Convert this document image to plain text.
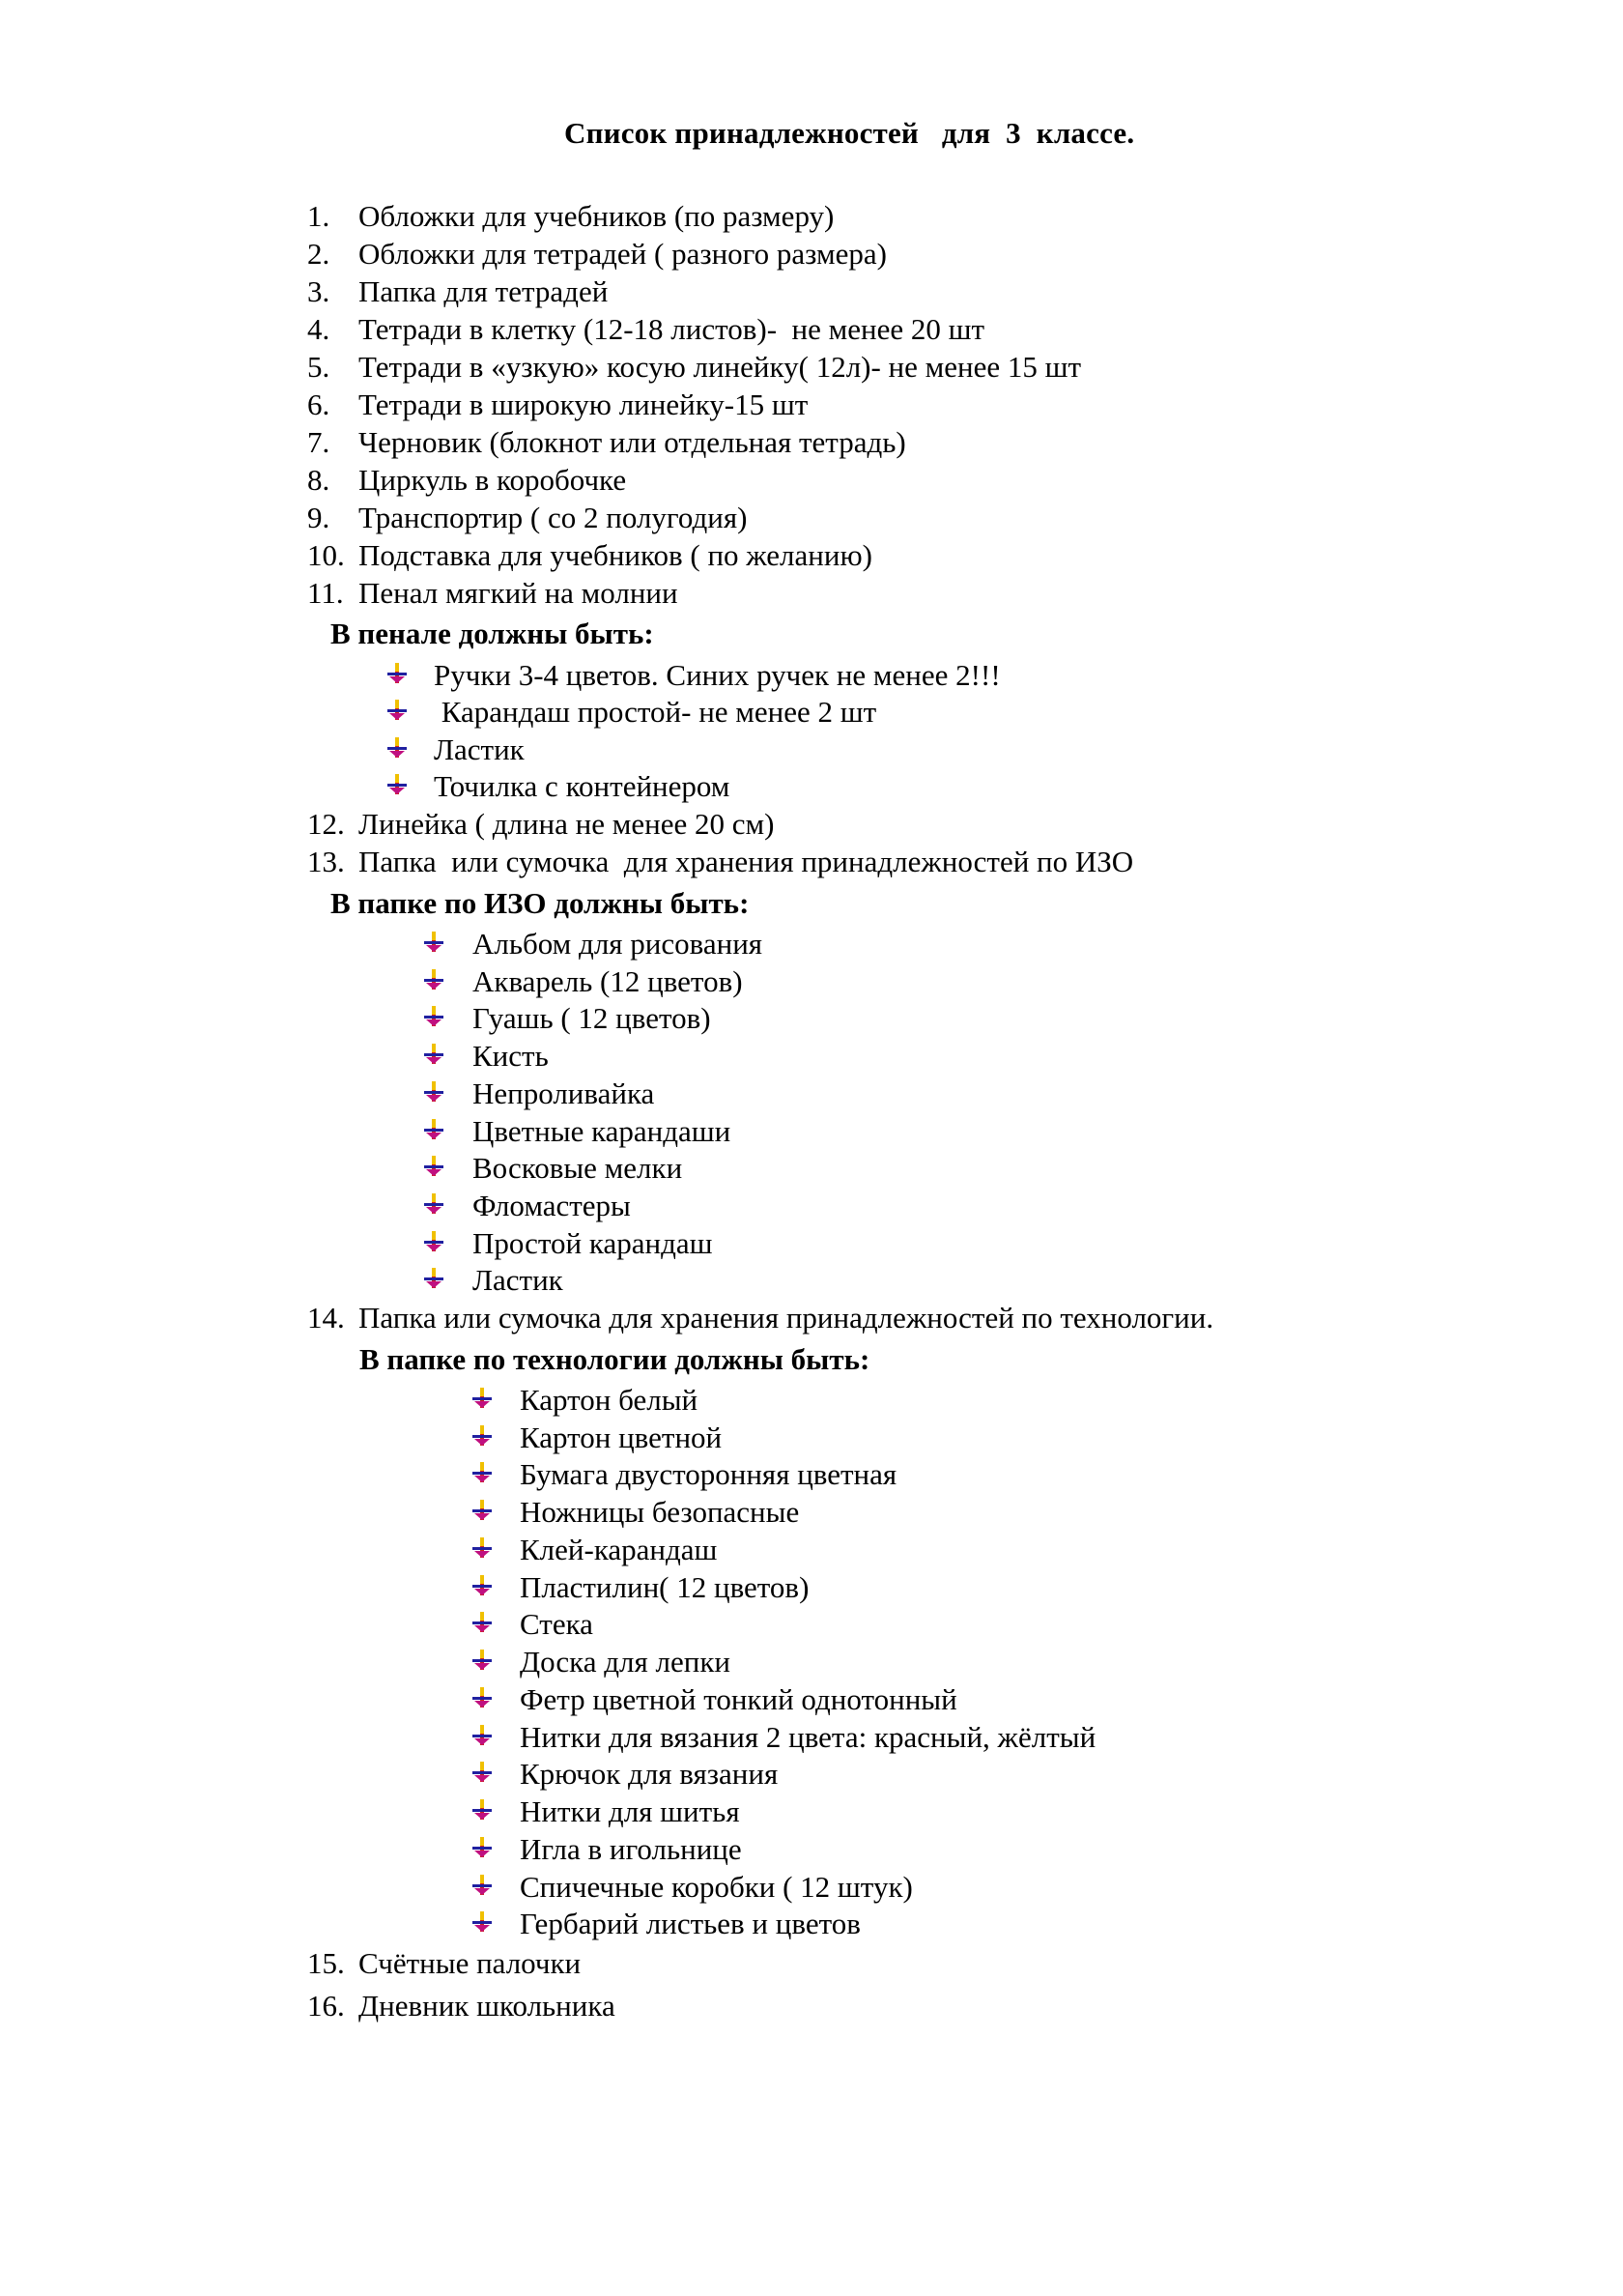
Список принадлежностей   для  3  классе.
1. Обложки для учебников (по размеру)
2. Обложки для тетрадей ( разного размера)
3. Папка для тетрадей
4. Тетради в клетку (12-18 листов)-  не менее 20 шт
5. Тетради в «узкую» косую линейку( 12л)- не менее 15 шт
6. Тетради в широкую линейку-15 шт
7. Черновик (блокнот или отдельная тетрадь)
8. Циркуль в коробочке
9. Транспортир ( со 2 полугодия)
10. Подставка для учебников ( по желанию)
11. Пенал мягкий на молнии
В пенале должны быть:
Ручки 3-4 цветов. Синих ручек не менее 2!!!
Карандаш простой- не менее 2 шт
Ластик
Точилка с контейнером
12. Линейка ( длина не менее 20 см)
13. Папка  или сумочка  для хранения принадлежностей по ИЗО
В папке по ИЗО должны быть:
Альбом для рисования
Акварель (12 цветов)
Гуашь ( 12 цветов)
Кисть
Непроливайка
Цветные карандаши
Восковые мелки
Фломастеры
Простой карандаш
Ластик
14. Папка или сумочка для хранения принадлежностей по технологии.
В папке по технологии должны быть:
Картон белый
Картон цветной
Бумага двусторонняя цветная
Ножницы безопасные
Клей-карандаш
Пластилин( 12 цветов)
Стека
Доска для лепки
Фетр цветной тонкий однотонный
Нитки для вязания 2 цвета: красный, жёлтый
Крючок для вязания
Нитки для шитья
Игла в игольнице
Спичечные коробки ( 12 штук)
Гербарий листьев и цветов
15. Счётные палочки
16. Дневник школьника
